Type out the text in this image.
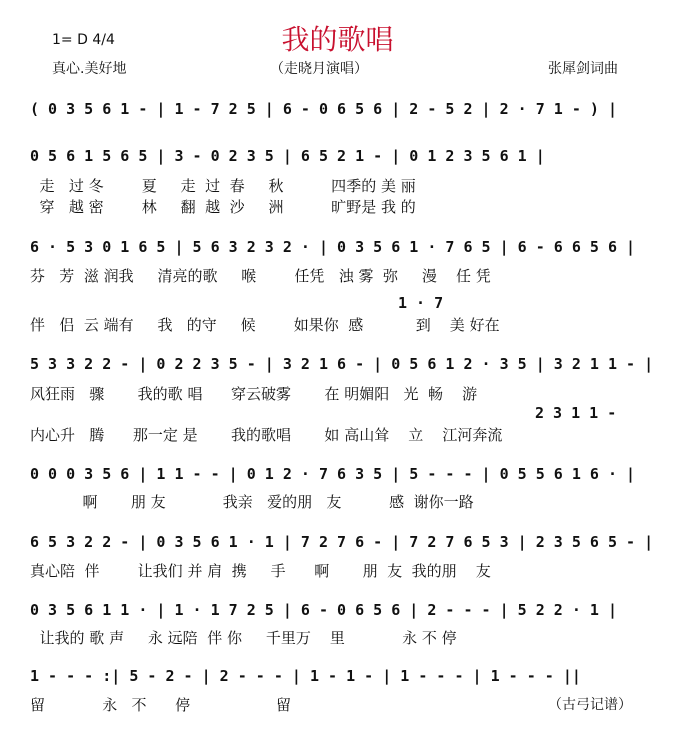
1= D 4/4
真心.美好地
我的歌唱
（走晓月演唱）	张犀剑词曲
( 0 3 5 6 1 - | 1 - 7 2 5 | 6 - 0 6 5 6 | 2 - 5 2 | 2 · 7 1 - ) |
0 5 6 1 5 6 5 | 3 - 0 2 3 5 | 6 5 2 1 - | 0 1 2 3 5 6 1 |
走   过 冬        夏     走  过  春     秋          四季的 美 丽
穿   越 密        林     翻  越  沙     洲          旷野是 我 的
6 · 5 3 0 1 6 5 | 5 6 3 2 3 2 · | 0 3 5 6 1 · 7 6 5 | 6 - 6 6 5 6 |
芬   芳  滋 润我     清亮的歌     喉        任凭   浊 雾  弥     漫    任 凭
1 · 7
伴   侣  云 端有     我   的守     候        如果你  感           到    美 好在
5 3 3 2 2 - | 0 2 2 3 5 - | 3 2 1 6 - | 0 5 6 1 2 · 3 5 | 3 2 1 1 - |
风狂雨   骤       我的歌 唱      穿云破雾       在 明媚阳   光  畅    游
2 3 1 1 -
内心升   腾      那一定 是       我的歌唱       如 高山耸    立    江河奔流
0 0 0 3 5 6 | 1 1 - - | 0 1 2 · 7 6 3 5 | 5 - - - | 0 5 5 6 1 6 · |
啊       朋 友            我亲   爱的朋   友          感  谢你一路
6 5 3 2 2 - | 0 3 5 6 1 · 1 | 7 2 7 6 - | 7 2 7 6 5 3 | 2 3 5 6 5 - |
真心陪  伴        让我们 并 肩  携     手      啊       朋  友  我的朋    友
0 3 5 6 1 1 · | 1 · 1 7 2 5 | 6 - 0 6 5 6 | 2 - - - | 5 2 2 · 1 |
让我的 歌 声     永 远陪  伴 你     千里万    里            永 不 停
1 - - - :| 5 - 2 - | 2 - - - | 1 - 1 - | 1 - - - | 1 - - - ||
留            永   不      停                  留	（古弓记谱）
